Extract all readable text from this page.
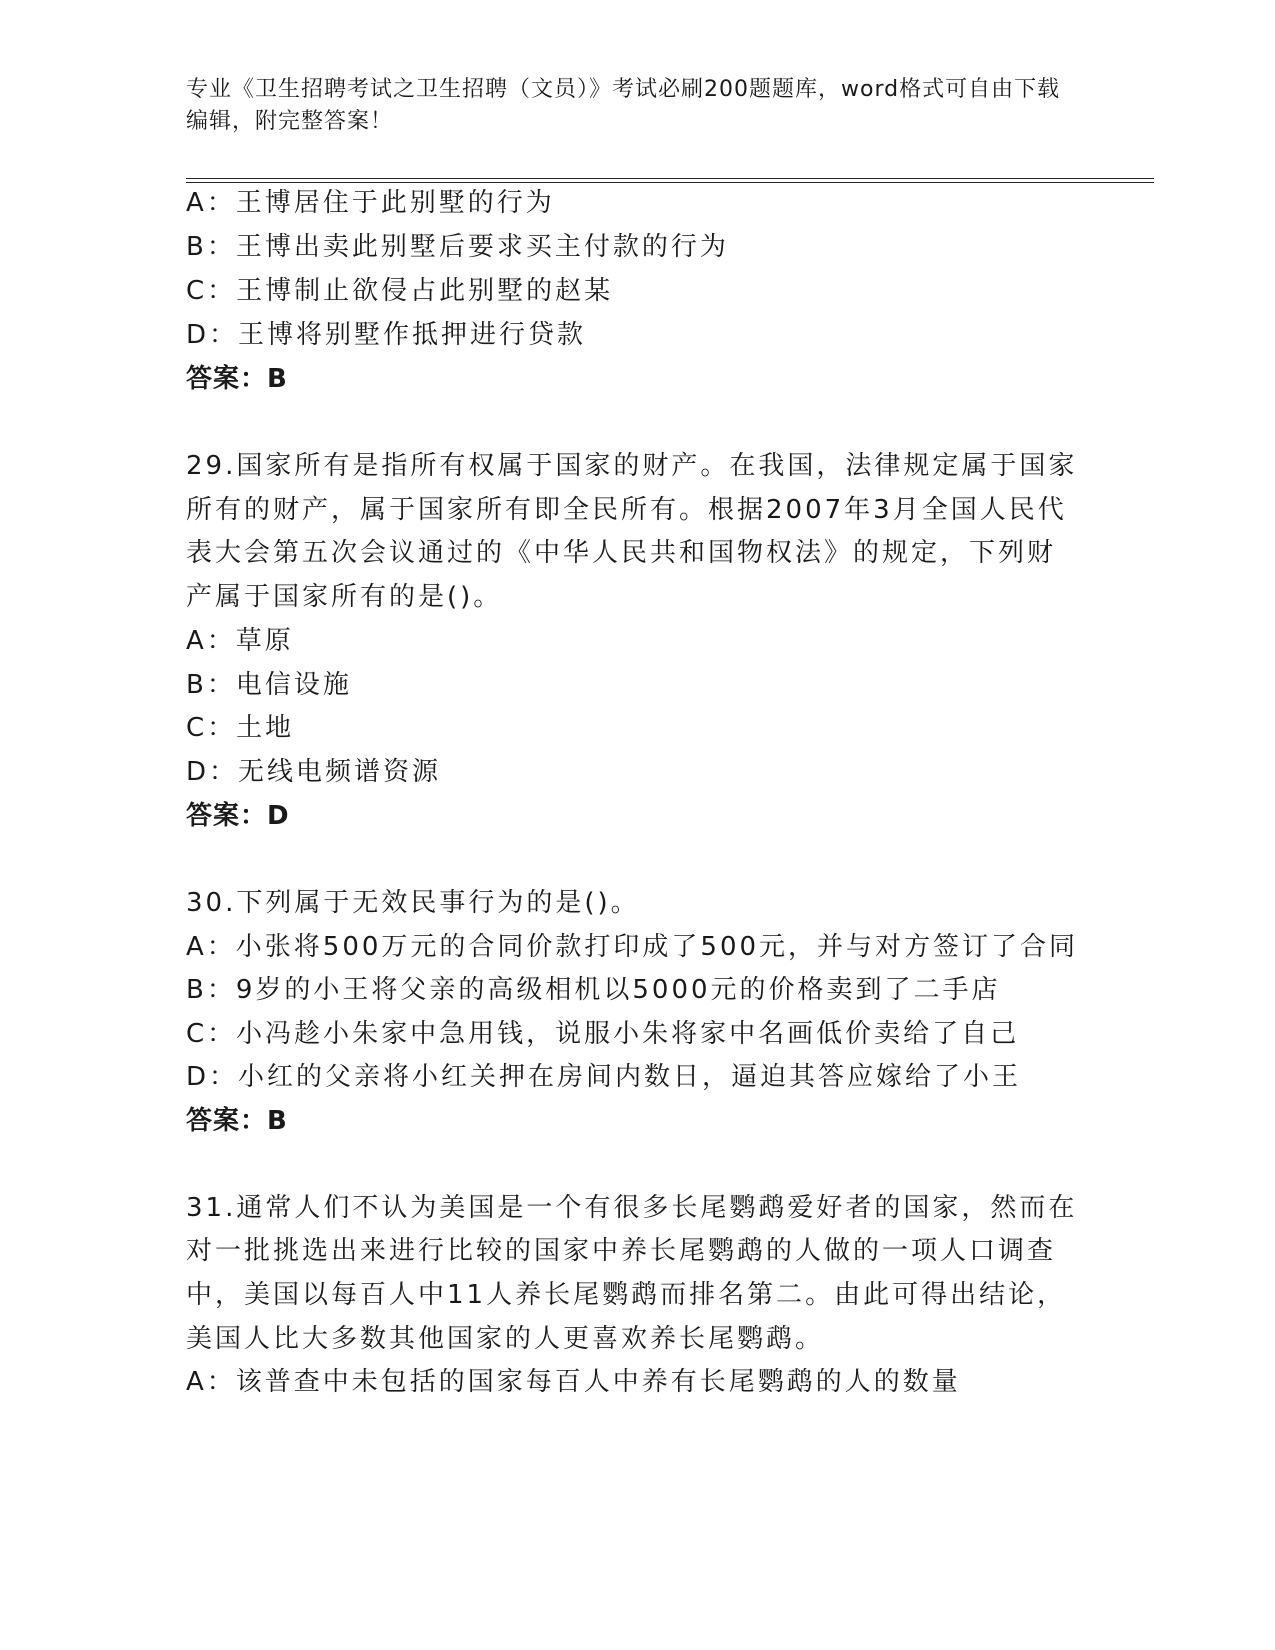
专业《卫生招聘考试之卫生招聘（文员）》考试必刷200题题库，word格式可自由下载编辑，附完整答案！
A：王博居住于此别墅的行为
B：王博出卖此别墅后要求买主付款的行为
C：王博制止欲侵占此别墅的赵某
D：王博将别墅作抵押进行贷款
答案：B
29.国家所有是指所有权属于国家的财产。在我国，法律规定属于国家
所有的财产，属于国家所有即全民所有。根据2007年3月全国人民代
表大会第五次会议通过的《中华人民共和国物权法》的规定，下列财
产属于国家所有的是()。
A：草原
B：电信设施
C：土地
D：无线电频谱资源
答案：D
30.下列属于无效民事行为的是()。
A：小张将500万元的合同价款打印成了500元，并与对方签订了合同
B：9岁的小王将父亲的高级相机以5000元的价格卖到了二手店
C：小冯趁小朱家中急用钱，说服小朱将家中名画低价卖给了自己
D：小红的父亲将小红关押在房间内数日，逼迫其答应嫁给了小王
答案：B
31.通常人们不认为美国是一个有很多长尾鹦鹉爱好者的国家，然而在
对一批挑选出来进行比较的国家中养长尾鹦鹉的人做的一项人口调查
中，美国以每百人中11人养长尾鹦鹉而排名第二。由此可得出结论，
美国人比大多数其他国家的人更喜欢养长尾鹦鹉。
A：该普查中未包括的国家每百人中养有长尾鹦鹉的人的数量
